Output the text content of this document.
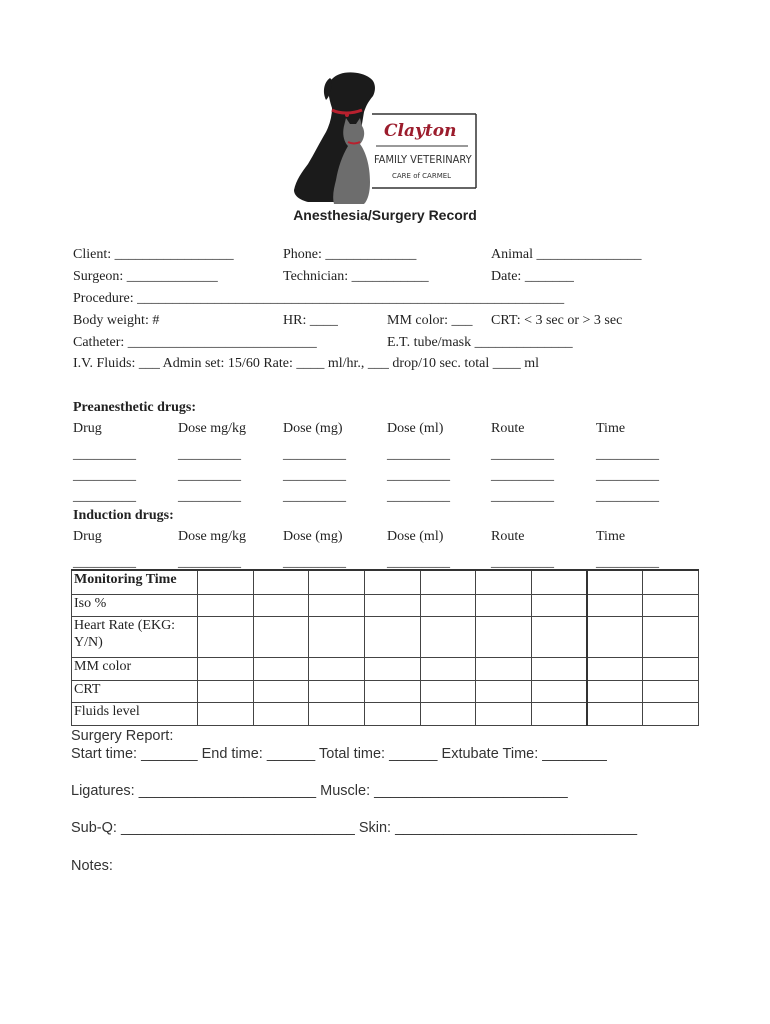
Clayton
FAMILY VETERINARY
CARE of CARMEL
Anesthesia/Surgery Record
Client: _________________	Phone: _____________	Animal _______________
Surgeon: _____________	Technician: ___________	Date: _______
Procedure: _____________________________________________________________
Body weight: #	HR: ____	MM color: ___ CRT: < 3 sec or > 3 sec
Catheter: ___________________________	E.T. tube/mask ______________
I.V. Fluids: ___ Admin set: 15/60 Rate: ____ ml/hr., ___ drop/10 sec. total ____ ml
Preanesthetic drugs:
Drug	Dose mg/kg	Dose (mg)	Dose (ml)	Route	Time
_________	_________	_________	_________	_________	_________
_________	_________	_________	_________	_________	_________
_________	_________	_________	_________	_________	_________
Induction drugs:
Drug	Dose mg/kg	Dose (mg)	Dose (ml)	Route	Time
_________	_________	_________	_________	_________	_________
Monitoring Time									
Iso %									
Heart Rate (EKG: Y/N)									
MM color									
CRT									
Fluids level									
Surgery Report:
Start time: _______ End time: ______ Total time: ______ Extubate Time: ________
Ligatures: ______________________ Muscle: ________________________
Sub-Q: _____________________________ Skin: ______________________________
Notes:
